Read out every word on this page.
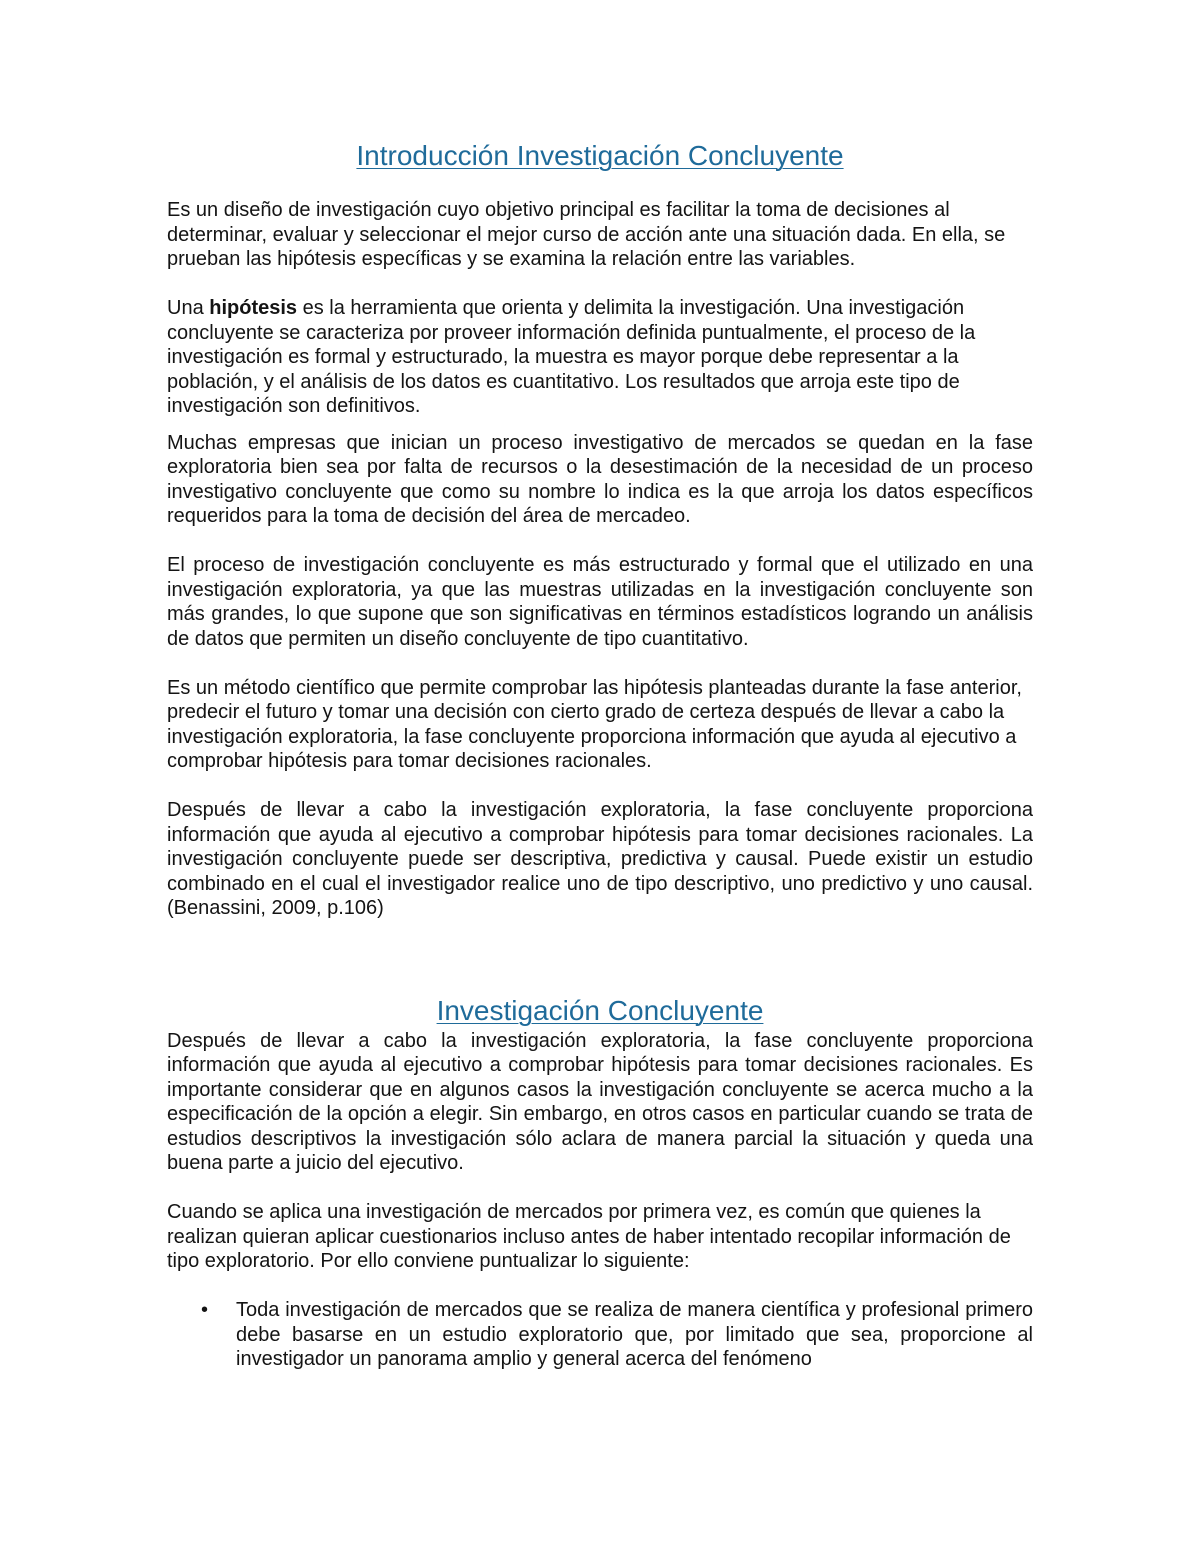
Introducción Investigación Concluyente

Es un diseño de investigación cuyo objetivo principal es facilitar la toma de decisiones al determinar, evaluar y seleccionar el mejor curso de acción ante una situación dada. En ella, se prueban las hipótesis específicas y se examina la relación entre las variables.

Una hipótesis es la herramienta que orienta y delimita la investigación. Una investigación concluyente se caracteriza por proveer información definida puntualmente, el proceso de la investigación es formal y estructurado, la muestra es mayor porque debe representar a la población, y el análisis de los datos es cuantitativo. Los resultados que arroja este tipo de investigación son definitivos.

Muchas empresas que inician un proceso investigativo de mercados se quedan en la fase exploratoria bien sea por falta de recursos o la desestimación de la necesidad de un proceso investigativo concluyente que como su nombre lo indica es la que arroja los datos específicos requeridos para la toma de decisión del área de mercadeo.

El proceso de investigación concluyente es más estructurado y formal que el utilizado en una investigación exploratoria, ya que las muestras utilizadas en la investigación concluyente son más grandes, lo que supone que son significativas en términos estadísticos logrando un análisis de datos que permiten un diseño concluyente de tipo cuantitativo.

Es un método científico que permite comprobar las hipótesis planteadas durante la fase anterior, predecir el futuro y tomar una decisión con cierto grado de certeza después de llevar a cabo la investigación exploratoria, la fase concluyente proporciona información que ayuda al ejecutivo a comprobar hipótesis para tomar decisiones racionales.

Después de llevar a cabo la investigación exploratoria, la fase concluyente proporciona información que ayuda al ejecutivo a comprobar hipótesis para tomar decisiones racionales. La investigación concluyente puede ser descriptiva, predictiva y causal. Puede existir un estudio combinado en el cual el investigador realice uno de tipo descriptivo, uno predictivo y uno causal. (Benassini, 2009, p.106)

Investigación Concluyente

Después de llevar a cabo la investigación exploratoria, la fase concluyente proporciona información que ayuda al ejecutivo a comprobar hipótesis para tomar decisiones racionales. Es importante considerar que en algunos casos la investigación concluyente se acerca mucho a la especificación de la opción a elegir. Sin embargo, en otros casos en particular cuando se trata de estudios descriptivos la investigación sólo aclara de manera parcial la situación y queda una buena parte a juicio del ejecutivo.

Cuando se aplica una investigación de mercados por primera vez, es común que quienes la realizan quieran aplicar cuestionarios incluso antes de haber intentado recopilar información de tipo exploratorio. Por ello conviene puntualizar lo siguiente:

• Toda investigación de mercados que se realiza de manera científica y profesional primero debe basarse en un estudio exploratorio que, por limitado que sea, proporcione al investigador un panorama amplio y general acerca del fenómeno
